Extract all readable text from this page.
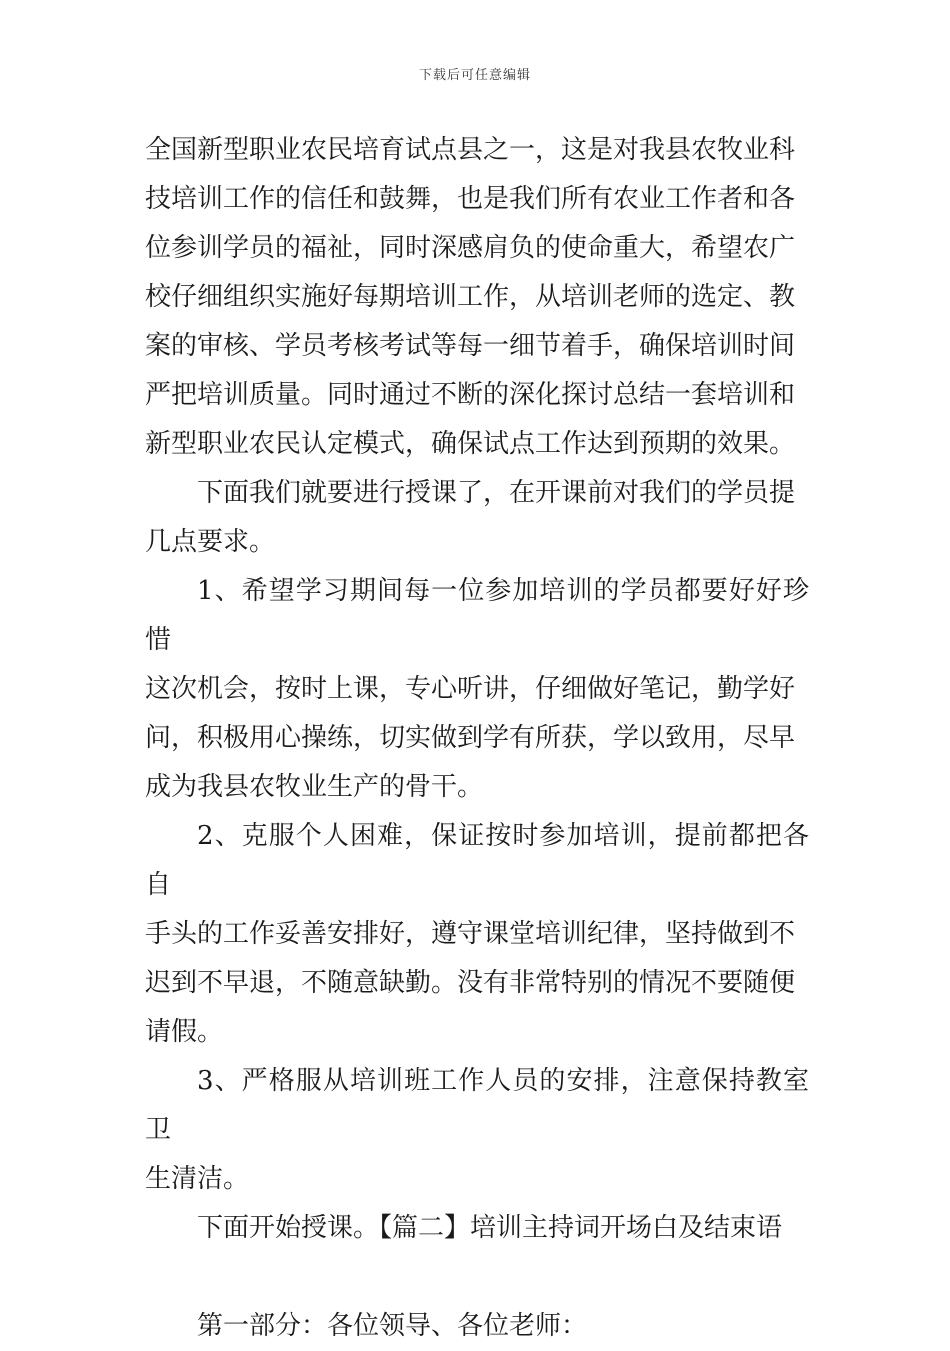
下载后可任意编辑

全国新型职业农民培育试点县之一，这是对我县农牧业科
技培训工作的信任和鼓舞，也是我们所有农业工作者和各
位参训学员的福祉，同时深感肩负的使命重大，希望农广
校仔细组织实施好每期培训工作，从培训老师的选定、教
案的审核、学员考核考试等每一细节着手，确保培训时间
严把培训质量。同时通过不断的深化探讨总结一套培训和
新型职业农民认定模式，确保试点工作达到预期的效果。

下面我们就要进行授课了，在开课前对我们的学员提
几点要求。

1、希望学习期间每一位参加培训的学员都要好好珍惜
这次机会，按时上课，专心听讲，仔细做好笔记，勤学好
问，积极用心操练，切实做到学有所获，学以致用，尽早
成为我县农牧业生产的骨干。

2、克服个人困难，保证按时参加培训，提前都把各自
手头的工作妥善安排好，遵守课堂培训纪律，坚持做到不
迟到不早退，不随意缺勤。没有非常特别的情况不要随便
请假。

3、严格服从培训班工作人员的安排，注意保持教室卫
生清洁。

下面开始授课。【篇二】培训主持词开场白及结束语

第一部分：各位领导、各位老师：
